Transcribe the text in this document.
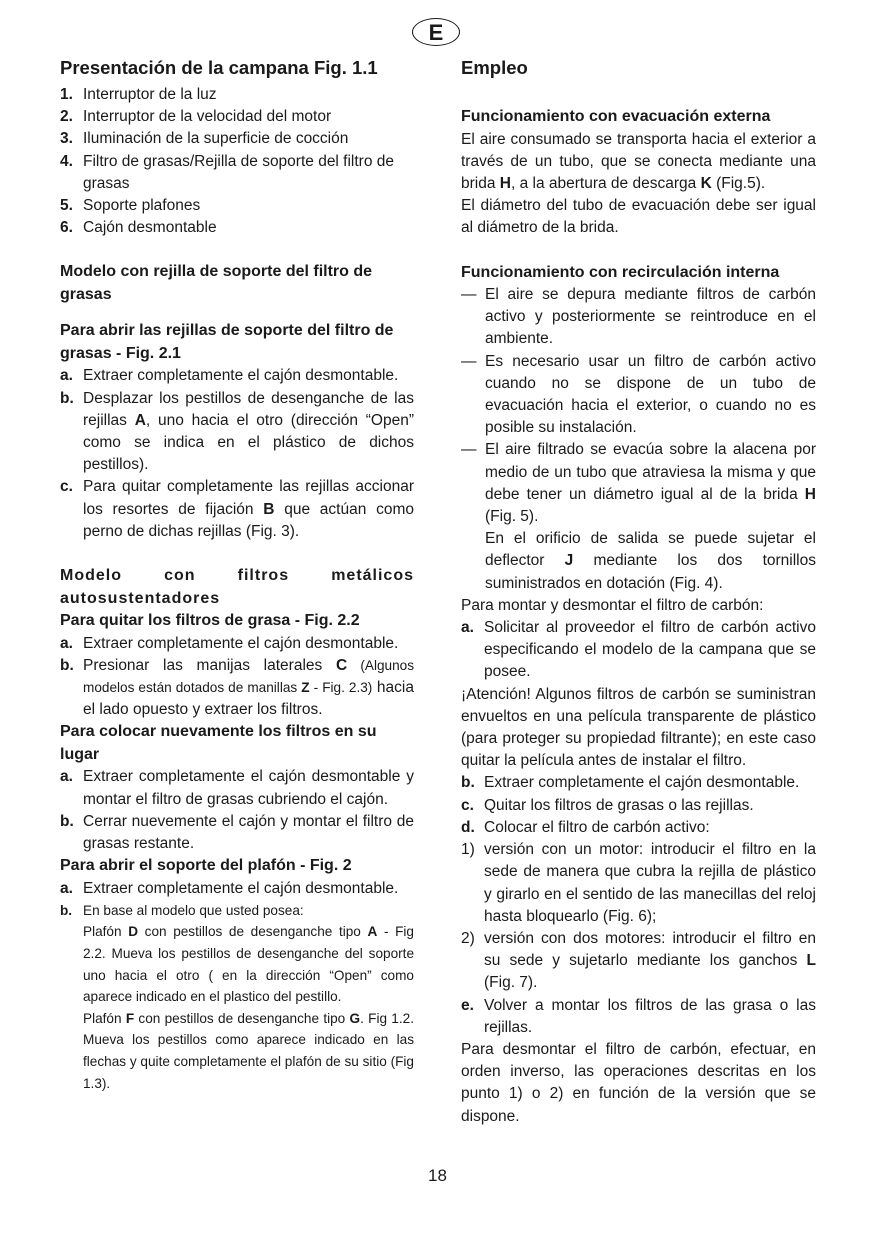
E
Presentación de la campana Fig. 1.1
1. Interruptor de la luz
2. Interruptor de la velocidad del motor
3. Iluminación de la superficie de cocción
4. Filtro de grasas/Rejilla de soporte del filtro de grasas
5. Soporte plafones
6. Cajón desmontable
Modelo con rejilla de soporte del filtro de grasas
Para abrir las rejillas de soporte del filtro de grasas - Fig. 2.1
a. Extraer completamente el cajón desmontable.
b. Desplazar los pestillos de desenganche de las rejillas A, uno hacia el otro (dirección “Open” como se indica en el plástico de dichos pestillos).
c. Para quitar completamente las rejillas accionar los resortes de fijación B que actúan como perno de dichas rejillas (Fig. 3).
Modelo con filtros metálicos autosustentadores
Para quitar los filtros de grasa - Fig. 2.2
a. Extraer completamente el cajón desmontable.
b. Presionar las manijas laterales C (Algunos modelos están dotados de manillas Z - Fig. 2.3) hacia el lado opuesto y extraer los filtros.
Para colocar nuevamente los filtros en su lugar
a. Extraer completamente el cajón desmontable y montar el filtro de grasas cubriendo el cajón.
b. Cerrar nuevemente el cajón y montar el filtro de grasas restante.
Para abrir el soporte del plafón - Fig. 2
a. Extraer completamente el cajón desmontable.
b. En base al modelo que usted posea:

Plafón D con pestillos de desenganche tipo A - Fig 2.2. Mueva los pestillos de desenganche del soporte uno hacia el otro ( en la dirección “Open” como aparece indicado en el plastico del pestillo.

Plafón F con pestillos de desenganche tipo G. Fig 1.2. Mueva los pestillos como aparece indicado en las flechas y quite completamente el plafón de su sitio (Fig 1.3).

Empleo
Funcionamiento con evacuación externa

El aire consumado se transporta hacia el exterior a través de un tubo, que se conecta mediante una brida H, a la abertura de descarga K (Fig.5).

El diámetro del tubo de evacuación debe ser igual al diámetro de la brida.

Funcionamiento con recirculación interna
— El aire se depura mediante filtros de carbón activo y posteriormente se reintroduce en el ambiente.
— Es necesario usar un filtro de carbón activo cuando no se dispone de un tubo de evacuación hacia el exterior, o cuando no es posible su instalación.
— El aire filtrado se evacúa sobre la alacena por medio de un tubo que atraviesa la misma y que debe tener un diámetro igual al de la brida H (Fig. 5).

En el orificio de salida se puede sujetar el deflector J mediante los dos tornillos suministrados en dotación (Fig. 4).

Para montar y desmontar el filtro de carbón:

a. Solicitar al proveedor el filtro de carbón activo especificando el modelo de la campana que se posee.

¡Atención! Algunos filtros de carbón se suministran envueltos en una película transparente de plástico (para proteger su propiedad filtrante); en este caso quitar la película antes de instalar el filtro.

b. Extraer completamente el cajón desmontable.
c. Quitar los filtros de grasas o las rejillas.
d. Colocar el filtro de carbón activo:
1) versión con un motor: introducir el filtro en la sede de manera que cubra la rejilla de plástico y girarlo en el sentido de las manecillas del reloj hasta bloquearlo (Fig. 6);
2) versión con dos motores: introducir el filtro en su sede y sujetarlo mediante los ganchos L (Fig. 7).
e. Volver a montar los filtros de las grasa o las rejillas.

Para desmontar el filtro de carbón, efectuar, en orden inverso, las operaciones descritas en los punto 1) o 2) en función de la versión que se dispone.

18
